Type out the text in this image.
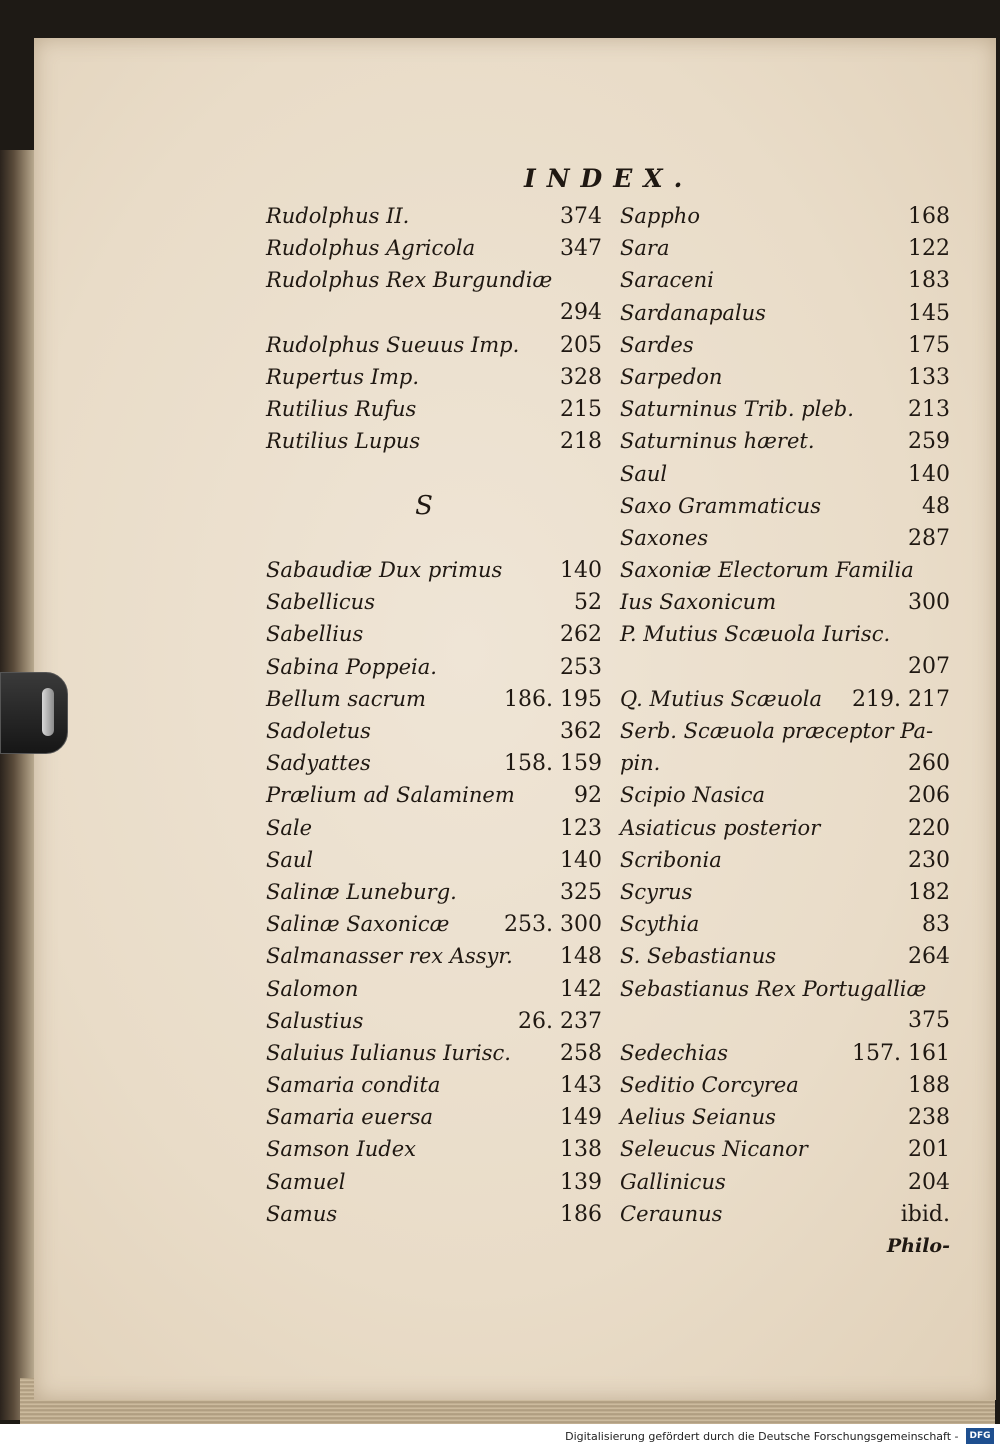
INDEX.
Rudolphus II.	374
Rudolphus Agricola	347
Rudolphus Rex Burgundiæ
294
Rudolphus Sueuus Imp. 205
Rupertus Imp.	328
Rutilius Rufus	215
Rutilius Lupus	218
S
Sabaudiæ Dux primus	140
Sabellicus	52
Sabellius	262
Sabina Poppeia.	253
Bellum sacrum	186. 195
Sadoletus	362
Sadyattes	158. 159
Prælium ad Salaminem	92
Sale	123
Saul	140
Salinæ Luneburg.	325
Salinæ Saxonicæ 253. 300
Salmanasser rex Assyr. 148
Salomon	142
Salustius	26. 237
Saluius Iulianus Iurisc. 258
Samaria condita	143
Samaria euersa	149
Samson Iudex	138
Samuel	139
Samus	186
Sappho	168
Sara	122
Saraceni	183
Sardanapalus	145
Sardes	175
Sarpedon	133
Saturninus Trib. pleb. 213
Saturninus hæret.	259
Saul	140
Saxo Grammaticus	48
Saxones	287
Saxoniæ Electorum Familia
Ius Saxonicum	300
P. Mutius Scæuola Iurisc.
207
Q. Mutius Scæuola 219. 217
Serb. Scæuola præceptor Pa-
pin.	260
Scipio Nasica	206
Asiaticus posterior	220
Scribonia	230
Scyrus	182
Scythia	83
S. Sebastianus	264
Sebastianus Rex Portugalliæ
375
Sedechias	157. 161
Seditio Corcyrea	188
Aelius Seianus	238
Seleucus Nicanor	201
Gallinicus	204
Ceraunus	ibid.
Philo-
Digitalisierung gefördert durch die Deutsche Forschungsgemeinschaft - DFG
